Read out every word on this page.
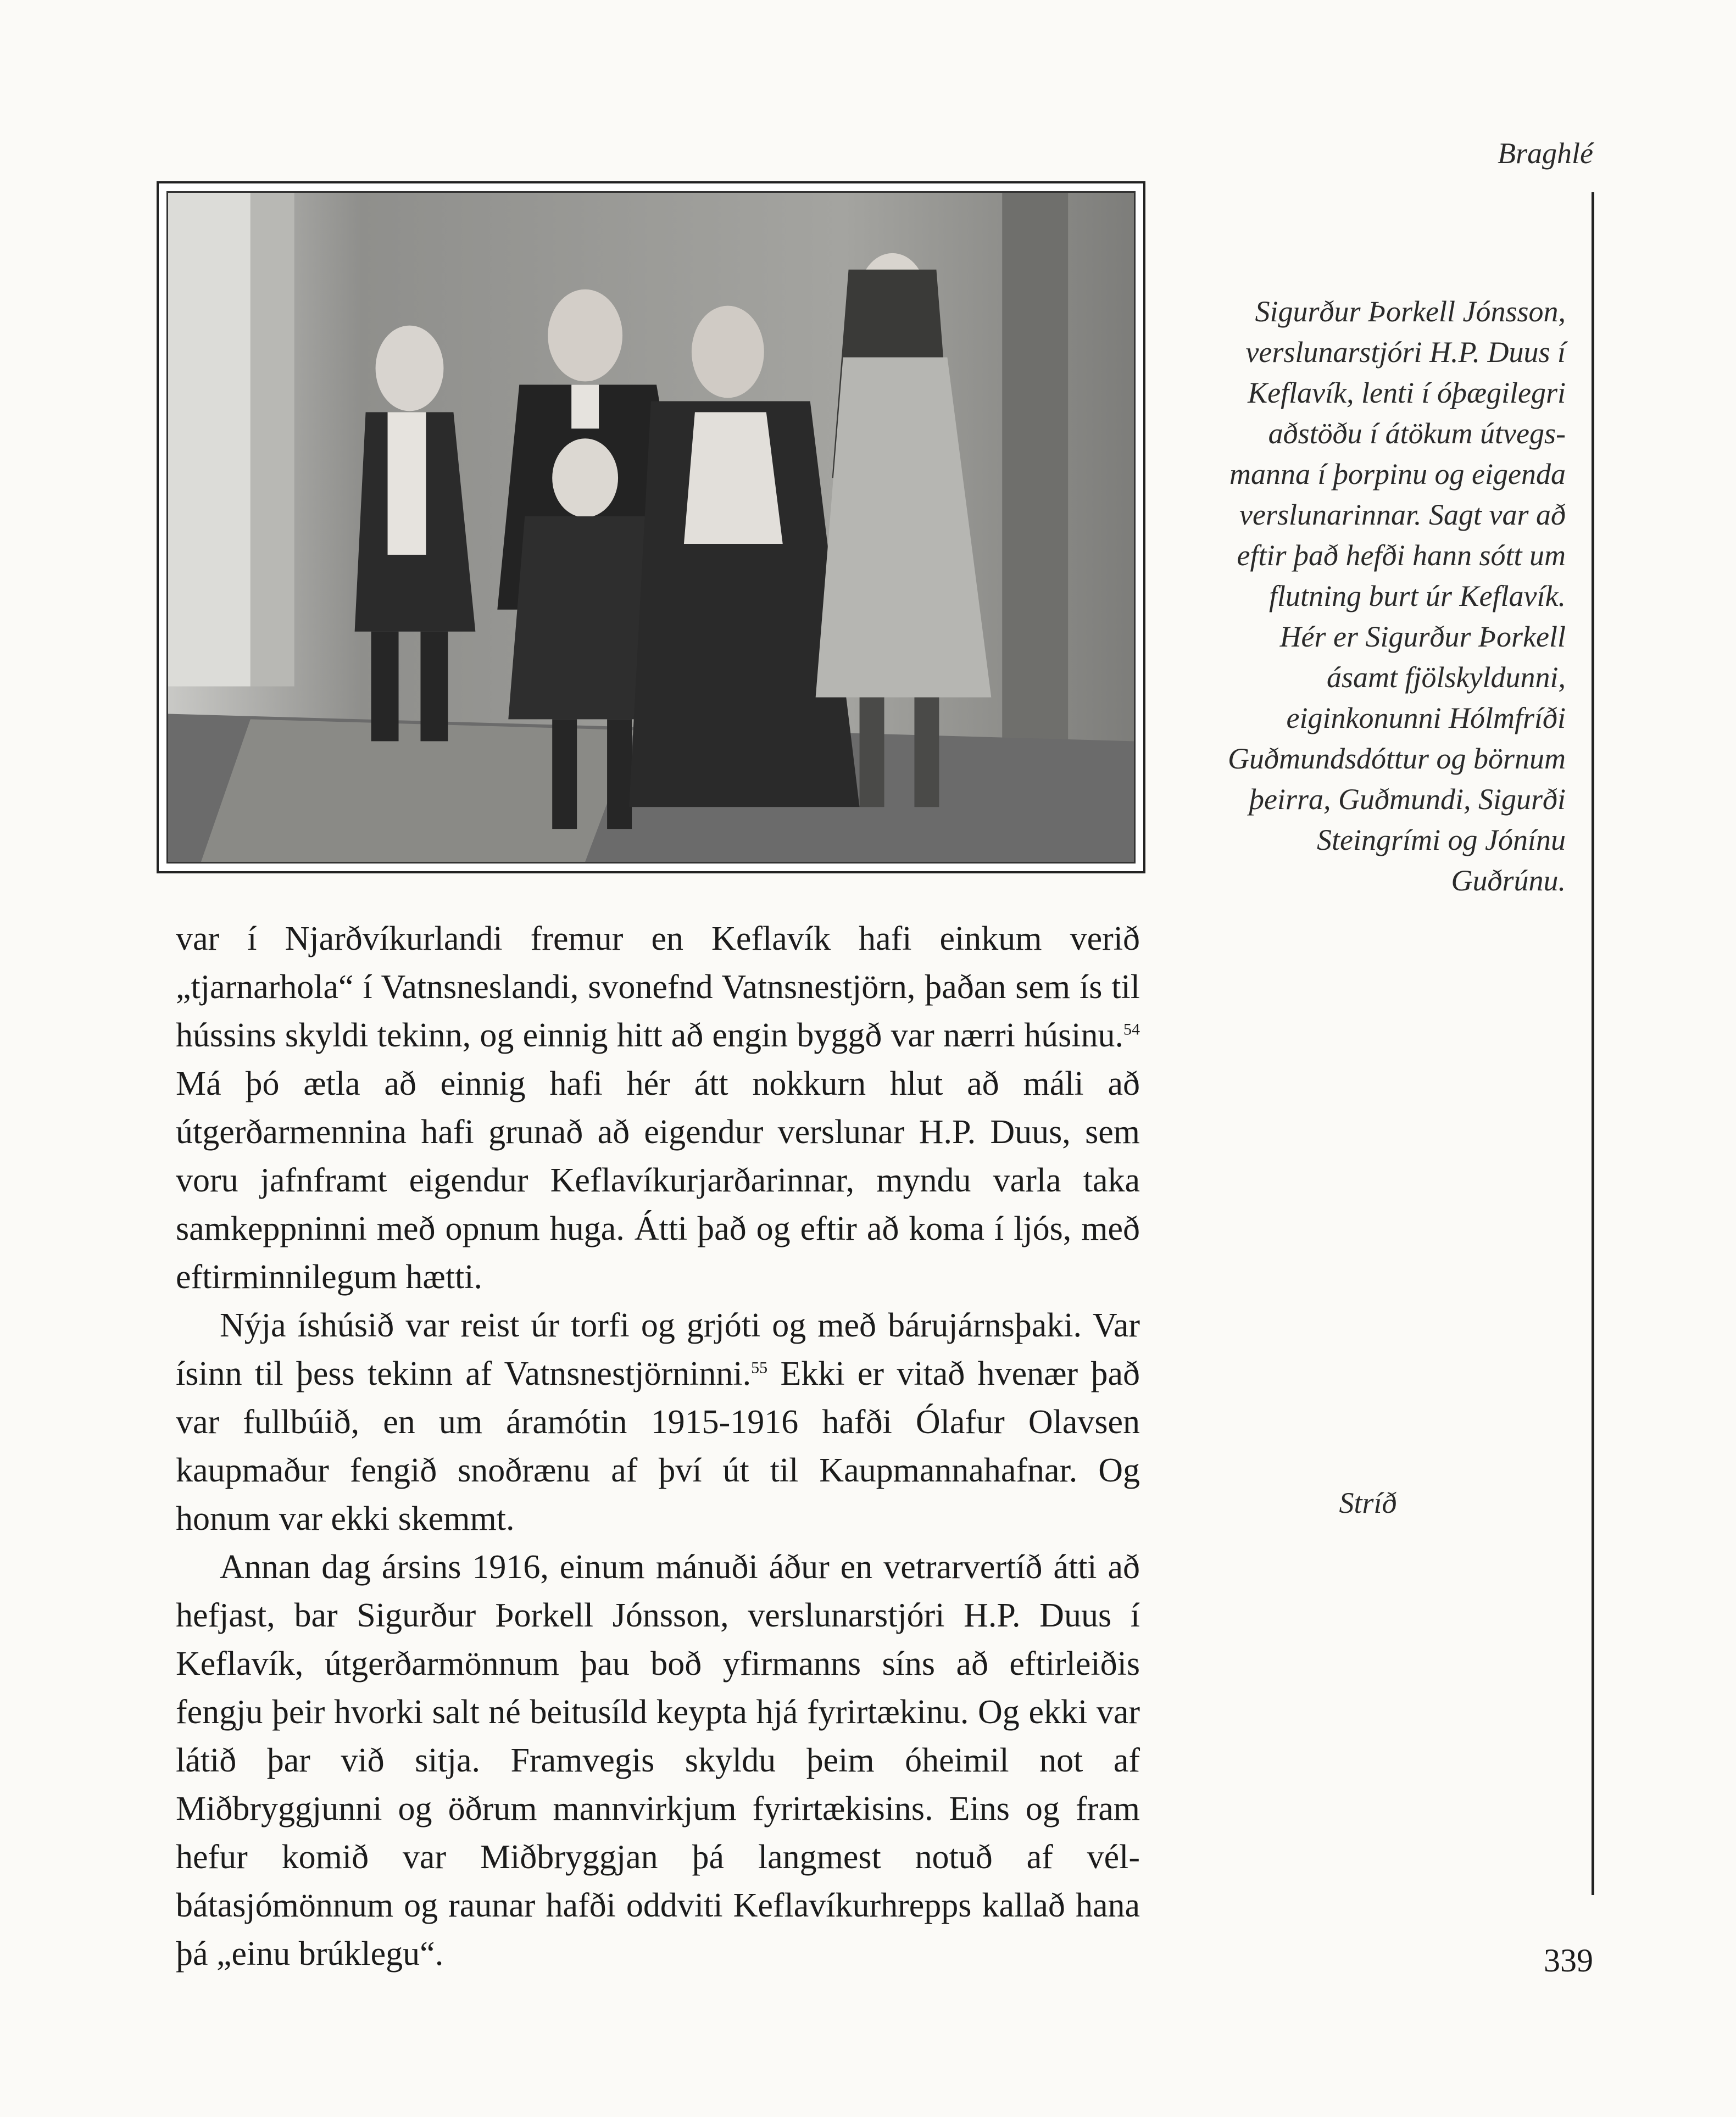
Braghlé

Sigurður Þorkell Jónsson,

verslunarstjóri H.P. Duus í

Keflavík, lenti í óþægilegri

aðstöðu í átökum útvegs-

manna í þorpinu og eigenda

verslunarinnar. Sagt var að

eftir það hefði hann sótt um

flutning burt úr Keflavík.

Hér er Sigurður Þorkell

ásamt fjölskyldunni,

eiginkonunni Hólmfríði

Guðmundsdóttur og börnum

þeirra, Guðmundi, Sigurði

Steingrími og Jónínu

Guðrúnu.

Stríð

var í Njarðvíkurlandi fremur en Keflavík hafi einkum verið „tjarnarhola“ í Vatnsneslandi, svonefnd Vatnsnestjörn, þaðan sem ís til hússins skyldi tekinn, og einnig hitt að engin byggð var nærri húsinu.$^{54}$ Má þó ætla að einnig hafi hér átt nokkurn hlut að máli að útgerðarmennina hafi grunað að eigendur verslunar H.P. Duus, sem voru jafnframt eigendur Keflavíkurjarðarinnar, myndu varla taka samkeppninni með opnum huga. Átti það og eftir að koma í ljós, með eftirminnilegum hætti.

Nýja íshúsið var reist úr torfi og grjóti og með bárujárnsþaki. Var ísinn til þess tekinn af Vatnsnestjörninni.$^{55}$ Ekki er vitað hvenær það var fullbúið, en um áramótin 1915-1916 hafði Ólafur Olavsen kaupmaður fengið snoðrænu af því út til Kaupmannahafnar. Og honum var ekki skemmt.

Annan dag ársins 1916, einum mánuði áður en vetrarvertíð átti að hefjast, bar Sigurður Þorkell Jónsson, verslunarstjóri H.P. Duus í Keflavík, útgerðarmönnum þau boð yfirmanns síns að eftirleiðis fengju þeir hvorki salt né beitusíld keypta hjá fyrirtækinu. Og ekki var látið þar við sitja. Framvegis skyldu þeim óheimil not af Miðbryggjunni og öðrum mannvirkjum fyrirtækisins. Eins og fram hefur komið var Miðbryggjan þá langmest notuð af vélbátasjómönnum og raunar hafði oddviti Keflavíkurhrepps kallað hana þá „einu brúklegu“.	339
